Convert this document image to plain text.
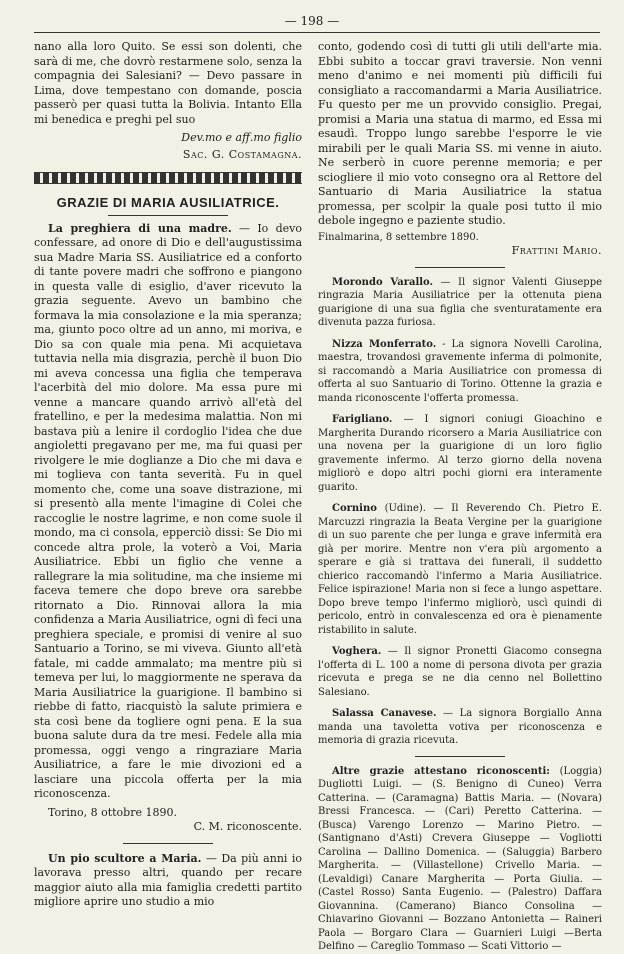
— 198 —

nano alla loro Quito. Se essi son dolenti, che sarà di me, che dovrò restarmene solo, senza la compagnia dei Salesiani? — Devo passare in Lima, dove tempestano con domande, poscia passerò per quasi tutta la Bolivia. Intanto Ella mi benedica e preghi pel suo

Dev.mo e aff.mo figlio

Sac. G. Costamagna.

GRAZIE DI MARIA AUSILIATRICE.

La preghiera di una madre. — Io devo confessare, ad onore di Dio e dell'augustissima sua Madre Maria SS. Ausiliatrice ed a conforto di tante povere madri che soffrono e piangono in questa valle di esiglio, d'aver ricevuto la grazia seguente. Avevo un bambino che formava la mia consolazione e la mia speranza; ma, giunto poco oltre ad un anno, mi moriva, e Dio sa con quale mia pena. Mi acquietava tuttavia nella mia disgrazia, perchè il buon Dio mi aveva concessa una figlia che temperava l'acerbità del mio dolore. Ma essa pure mi venne a mancare quando arrivò all'età del fratellino, e per la medesima malattia. Non mi bastava più a lenire il cordoglio l'idea che due angioletti pregavano per me, ma fui quasi per rivolgere le mie doglianze a Dio che mi dava e mi toglieva con tanta severità. Fu in quel momento che, come una soave distrazione, mi si presentò alla mente l'imagine di Colei che raccoglie le nostre lagrime, e non come suole il mondo, ma ci consola, epperciò dissi: Se Dio mi concede altra prole, la voterò a Voi, Maria Ausiliatrice. Ebbi un figlio che venne a rallegrare la mia solitudine, ma che insieme mi faceva temere che dopo breve ora sarebbe ritornato a Dio. Rinnovai allora la mia confidenza a Maria Ausiliatrice, ogni dì feci una preghiera speciale, e promisi di venire al suo Santuario a Torino, se mi viveva. Giunto all'età fatale, mi cadde ammalato; ma mentre più si temeva per lui, lo maggiormente ne sperava da Maria Ausiliatrice la guarigione. Il bambino si riebbe di fatto, riacquistò la salute primiera e sta così bene da togliere ogni pena. E la sua buona salute dura da tre mesi. Fedele alla mia promessa, oggi vengo a ringraziare Maria Ausiliatrice, a fare le mie divozioni ed a lasciare una piccola offerta per la mia riconoscenza.

Torino, 8 ottobre 1890.

C. M. riconoscente.

Un pio scultore a Maria. — Da più anni io lavorava presso altri, quando per recare maggior aiuto alla mia famiglia credetti partito migliore aprire uno studio a mio

conto, godendo così di tutti gli utili dell'arte mia. Ebbi subito a toccar gravi traversie. Non venni meno d'animo e nei momenti più difficili fui consigliato a raccomandarmi a Maria Ausiliatrice. Fu questo per me un provvido consiglio. Pregai, promisi a Maria una statua di marmo, ed Essa mi esaudì. Troppo lungo sarebbe l'esporre le vie mirabili per le quali Maria SS. mi venne in aiuto. Ne serberò in cuore perenne memoria; e per sciogliere il mio voto consegno ora al Rettore del Santuario di Maria Ausiliatrice la statua promessa, per scolpir la quale posi tutto il mio debole ingegno e paziente studio.

Finalmarina, 8 settembre 1890.

Frattini Mario.

Morondo Varallo. — Il signor Valenti Giuseppe ringrazia Maria Ausiliatrice per la ottenuta piena guarigione di una sua figlia che sventuratamente era divenuta pazza furiosa.

Nizza Monferrato. - La signora Novelli Carolina, maestra, trovandosi gravemente inferma di polmonite, si raccomandò a Maria Ausiliatrice con promessa di offerta al suo Santuario di Torino. Ottenne la grazia e manda riconoscente l'offerta promessa.

Farigliano. — I signori coniugi Gioachino e Margherita Durando ricorsero a Maria Ausiliatrice con una novena per la guarigione di un loro figlio gravemente infermo. Al terzo giorno della novena migliorò e dopo altri pochi giorni era interamente guarito.

Cornino (Udine). — Il Reverendo Ch. Pietro E. Marcuzzi ringrazia la Beata Vergine per la guarigione di un suo parente che per lunga e grave infermità era già per morire. Mentre non v'era più argomento a sperare e già si trattava dei funerali, il suddetto chierico raccomandò l'infermo a Maria Ausiliatrice. Felice ispirazione! Maria non si fece a lungo aspettare. Dopo breve tempo l'infermo migliorò, uscì quindi di pericolo, entrò in convalescenza ed ora è pienamente ristabilito in salute.

Voghera. — Il signor Pronetti Giacomo consegna l'offerta di L. 100 a nome di persona divota per grazia ricevuta e prega se ne dia cenno nel Bollettino Salesiano.

Salassa Canavese. — La signora Borgiallo Anna manda una tavoletta votiva per riconoscenza e memoria di grazia ricevuta.

Altre grazie attestano riconoscenti: (Loggia) Dugliotti Luigi. — (S. Benigno di Cuneo) Verra Catterina. — (Caramagna) Battis Maria. — (Novara) Bressi Francesca. — (Cari) Peretto Catterina. — (Busca) Varengo Lorenzo — Marino Pietro. — (Santignano d'Asti) Crevera Giuseppe — Vogliotti Carolina — Dallino Domenica. — (Saluggia) Barbero Margherita. — (Villastellone) Crivello Maria. — (Levaldigi) Canare Margherita — Porta Giulia. — (Castel Rosso) Santa Eugenio. — (Palestro) Daffara Giovannina. (Camerano) Bianco Consolina — Chiavarino Giovanni — Bozzano Antonietta — Raineri Paola — Borgaro Clara — Guarnieri Luigi —Berta Delfino — Careglio Tommaso — Scati Vittorio —
